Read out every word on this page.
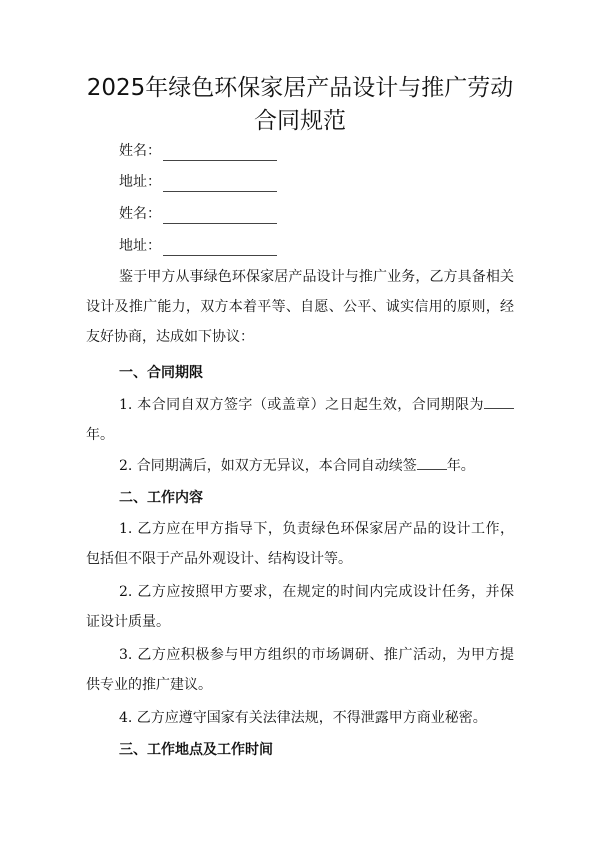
2025年绿色环保家居产品设计与推广劳动
合同规范
姓名：
地址：
姓名：
地址：

鉴于甲方从事绿色环保家居产品设计与推广业务，乙方具备相关设计及推广能力，双方本着平等、自愿、公平、诚实信用的原则，经友好协商，达成如下协议：

一、合同期限

1. 本合同自双方签字（或盖章）之日起生效，合同期限为年。

2. 合同期满后，如双方无异议，本合同自动续签 年。

二、工作内容

1. 乙方应在甲方指导下，负责绿色环保家居产品的设计工作，包括但不限于产品外观设计、结构设计等。

2. 乙方应按照甲方要求，在规定的时间内完成设计任务，并保证设计质量。

3. 乙方应积极参与甲方组织的市场调研、推广活动，为甲方提供专业的推广建议。

4. 乙方应遵守国家有关法律法规，不得泄露甲方商业秘密。

三、工作地点及工作时间
